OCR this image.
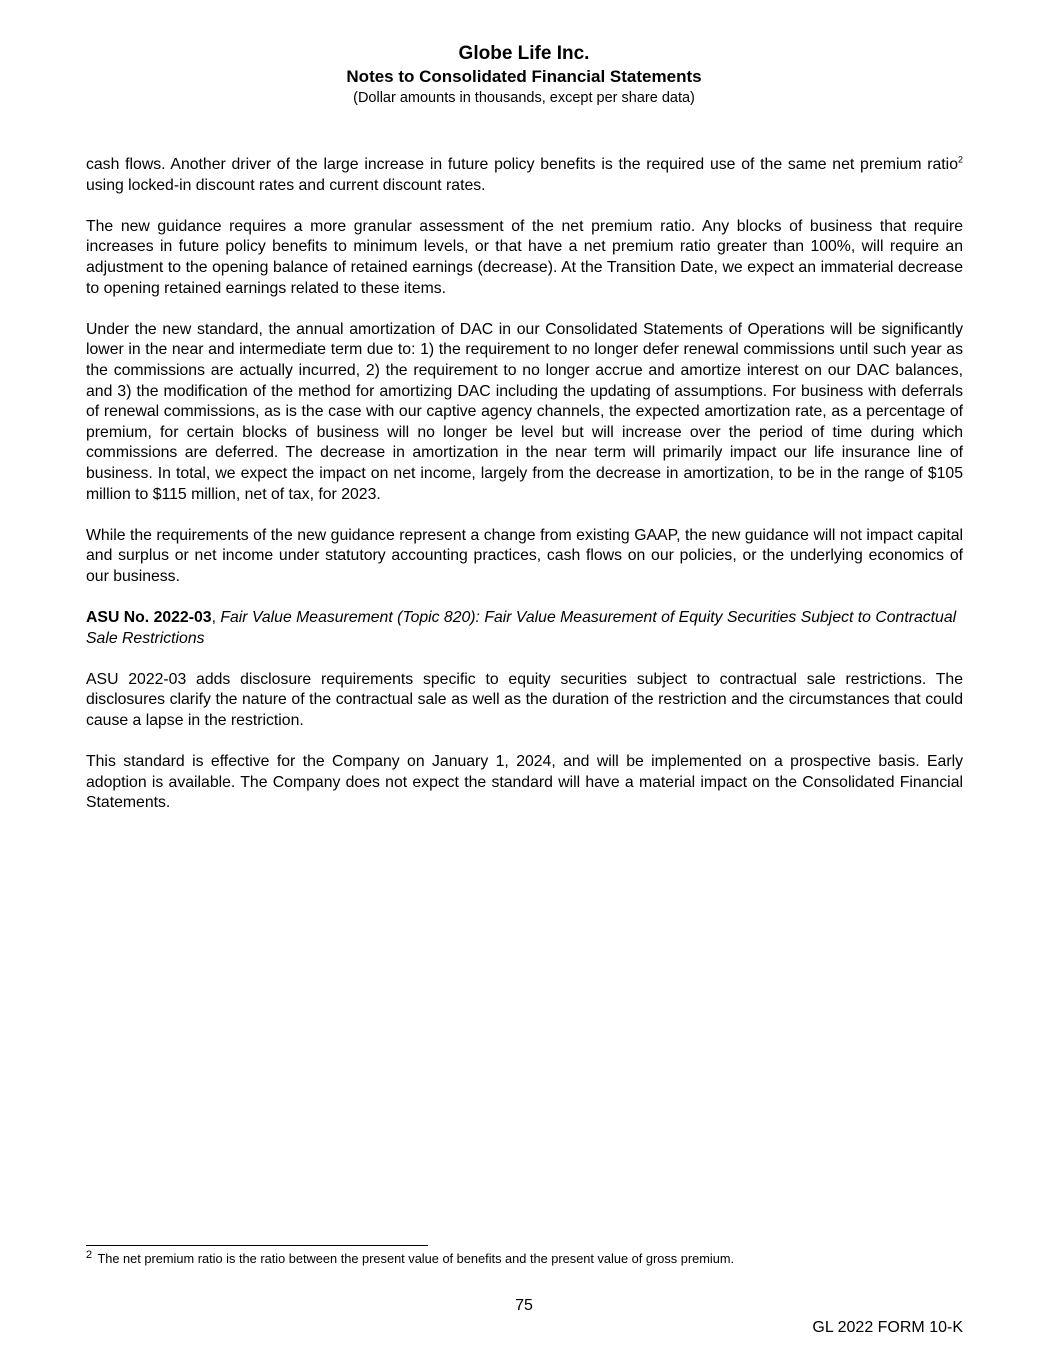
Globe Life Inc.
Notes to Consolidated Financial Statements
(Dollar amounts in thousands, except per share data)

cash flows. Another driver of the large increase in future policy benefits is the required use of the same net premium ratio$^2$ using locked-in discount rates and current discount rates.

The new guidance requires a more granular assessment of the net premium ratio. Any blocks of business that require increases in future policy benefits to minimum levels, or that have a net premium ratio greater than 100%, will require an adjustment to the opening balance of retained earnings (decrease). At the Transition Date, we expect an immaterial decrease to opening retained earnings related to these items.

Under the new standard, the annual amortization of DAC in our Consolidated Statements of Operations will be significantly lower in the near and intermediate term due to: 1) the requirement to no longer defer renewal commissions until such year as the commissions are actually incurred, 2) the requirement to no longer accrue and amortize interest on our DAC balances, and 3) the modification of the method for amortizing DAC including the updating of assumptions. For business with deferrals of renewal commissions, as is the case with our captive agency channels, the expected amortization rate, as a percentage of premium, for certain blocks of business will no longer be level but will increase over the period of time during which commissions are deferred. The decrease in amortization in the near term will primarily impact our life insurance line of business. In total, we expect the impact on net income, largely from the decrease in amortization, to be in the range of $105 million to $115 million, net of tax, for 2023.

While the requirements of the new guidance represent a change from existing GAAP, the new guidance will not impact capital and surplus or net income under statutory accounting practices, cash flows on our policies, or the underlying economics of our business.

ASU No. 2022-03, Fair Value Measurement (Topic 820): Fair Value Measurement of Equity Securities Subject to Contractual Sale Restrictions

ASU 2022-03 adds disclosure requirements specific to equity securities subject to contractual sale restrictions. The disclosures clarify the nature of the contractual sale as well as the duration of the restriction and the circumstances that could cause a lapse in the restriction.

This standard is effective for the Company on January 1, 2024, and will be implemented on a prospective basis. Early adoption is available. The Company does not expect the standard will have a material impact on the Consolidated Financial Statements.

$^2$ The net premium ratio is the ratio between the present value of benefits and the present value of gross premium.
75
GL 2022 FORM 10-K
